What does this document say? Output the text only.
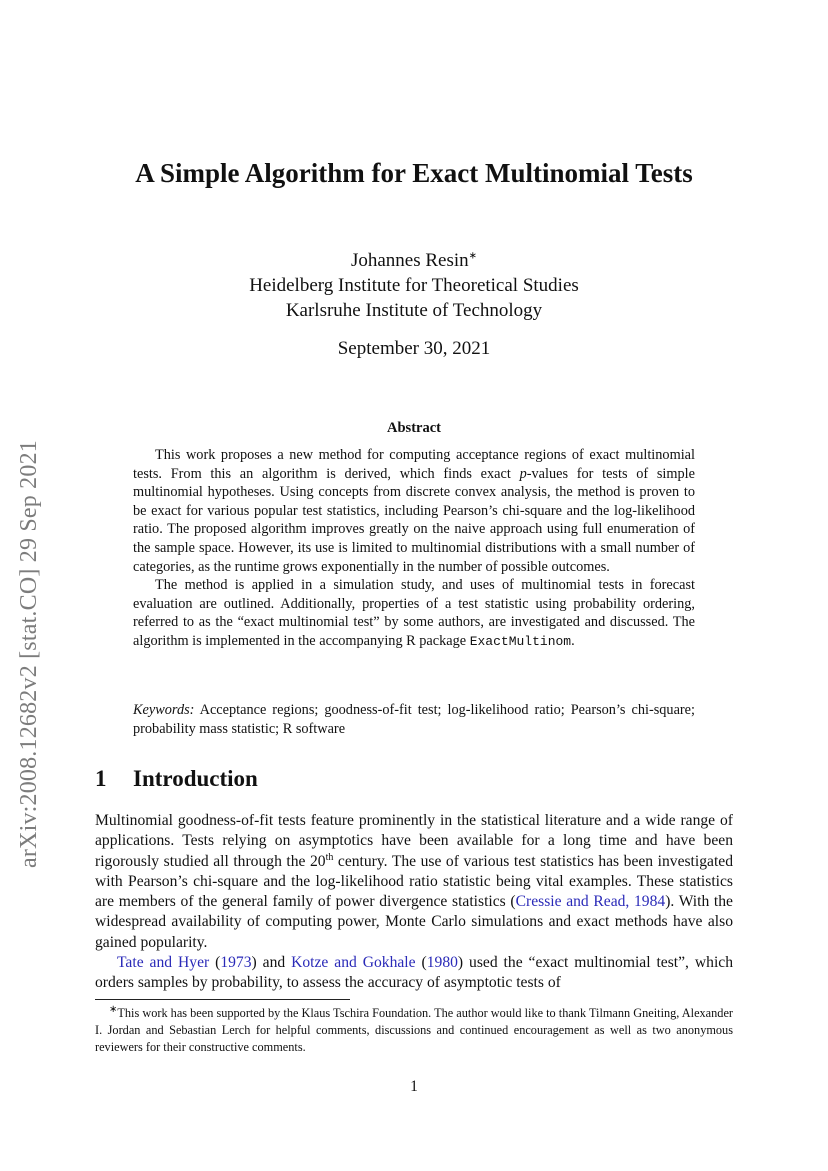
arXiv:2008.12682v2 [stat.CO] 29 Sep 2021
A Simple Algorithm for Exact Multinomial Tests
Johannes Resin∗
Heidelberg Institute for Theoretical Studies
Karlsruhe Institute of Technology
September 30, 2021
Abstract

This work proposes a new method for computing acceptance regions of exact multinomial tests. From this an algorithm is derived, which finds exact p-values for tests of simple multinomial hypotheses. Using concepts from discrete convex analysis, the method is proven to be exact for various popular test statistics, including Pearson’s chi-square and the log-likelihood ratio. The proposed algorithm improves greatly on the naive approach using full enumeration of the sample space. However, its use is limited to multinomial distributions with a small number of categories, as the runtime grows exponentially in the number of possible outcomes.

The method is applied in a simulation study, and uses of multinomial tests in forecast evaluation are outlined. Additionally, properties of a test statistic using probability ordering, referred to as the “exact multinomial test” by some authors, are investigated and discussed. The algorithm is implemented in the accompanying R package ExactMultinom.

Keywords: Acceptance regions; goodness-of-fit test; log-likelihood ratio; Pearson’s chi-square; probability mass statistic; R software
1 Introduction

Multinomial goodness-of-fit tests feature prominently in the statistical literature and a wide range of applications. Tests relying on asymptotics have been available for a long time and have been rigorously studied all through the 20th century. The use of various test statistics has been investigated with Pearson’s chi-square and the log-likelihood ratio statistic being vital examples. These statistics are members of the general family of power divergence statistics (Cressie and Read, 1984). With the widespread availability of computing power, Monte Carlo simulations and exact methods have also gained popularity.

Tate and Hyer (1973) and Kotze and Gokhale (1980) used the “exact multinomial test”, which orders samples by probability, to assess the accuracy of asymptotic tests of

∗This work has been supported by the Klaus Tschira Foundation. The author would like to thank Tilmann Gneiting, Alexander I. Jordan and Sebastian Lerch for helpful comments, discussions and continued encouragement as well as two anonymous reviewers for their constructive comments.

1
